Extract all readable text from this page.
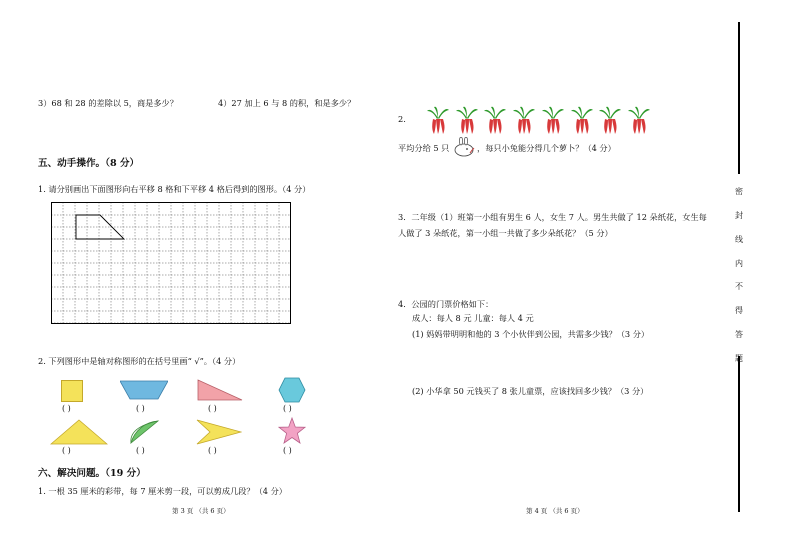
3）68 和 28 的差除以 5，商是多少？	4）27 加上 6 与 8 的积，和是多少？
五、动手操作。（8 分）
1. 请分别画出下面图形向右平移 8 格和下平移 4 格后得到的图形。（4 分）
2. 下列图形中是轴对称图形的在括号里画“ √”。（4 分）
( )	( )	( )	( )
( )	( )	( )	( )
六、解决问题。（19 分）
1. 一根 35 厘米的彩带，每 7 厘米剪一段，可以剪成几段？（4 分）
第 3 页 （共 6 页）
2.
平均分给 5 只	，每只小兔能分得几个萝卜？（4 分）
3．二年级（1）班第一小组有男生 6 人，女生 7 人。男生共做了 12 朵纸花，女生每
人做了 3 朵纸花，第一小组一共做了多少朵纸花？（5 分）
4．公园的门票价格如下：
成人：每人 8 元 儿童：每人 4 元
(1) 妈妈带明明和他的 3 个小伙伴到公园，共需多少钱？（3 分）
(2) 小华拿 50 元钱买了 8 张儿童票，应该找回多少钱？（3 分）
第 4 页 （共 6 页）
密
封
线
内
不
得
答
题
